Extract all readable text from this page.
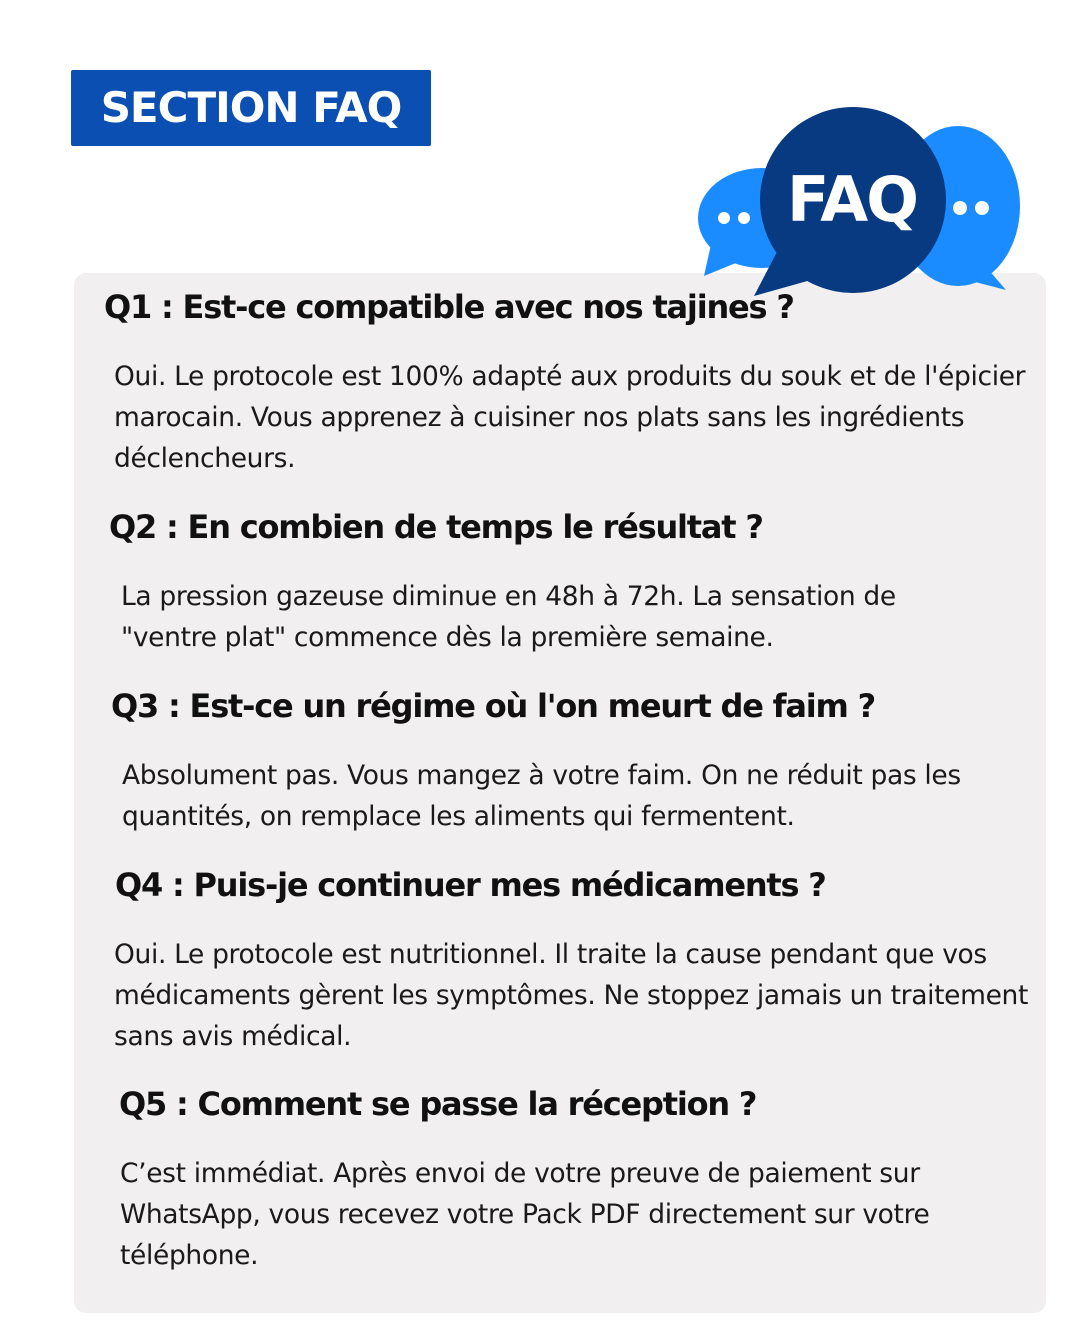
SECTION FAQ
FAQ
Q1 : Est-ce compatible avec nos tajines ?
Oui. Le protocole est 100% adapté aux produits du souk et de l'épicier marocain. Vous apprenez à cuisiner nos plats sans les ingrédients déclencheurs.
Q2 : En combien de temps le résultat ?
La pression gazeuse diminue en 48h à 72h. La sensation de "ventre plat" commence dès la première semaine.
Q3 : Est-ce un régime où l'on meurt de faim ?
Absolument pas. Vous mangez à votre faim. On ne réduit pas les quantités, on remplace les aliments qui fermentent.
Q4 : Puis-je continuer mes médicaments ?
Oui. Le protocole est nutritionnel. Il traite la cause pendant que vos médicaments gèrent les symptômes. Ne stoppez jamais un traitement sans avis médical.
Q5 : Comment se passe la réception ?
C’est immédiat. Après envoi de votre preuve de paiement sur WhatsApp, vous recevez votre Pack PDF directement sur votre téléphone.
